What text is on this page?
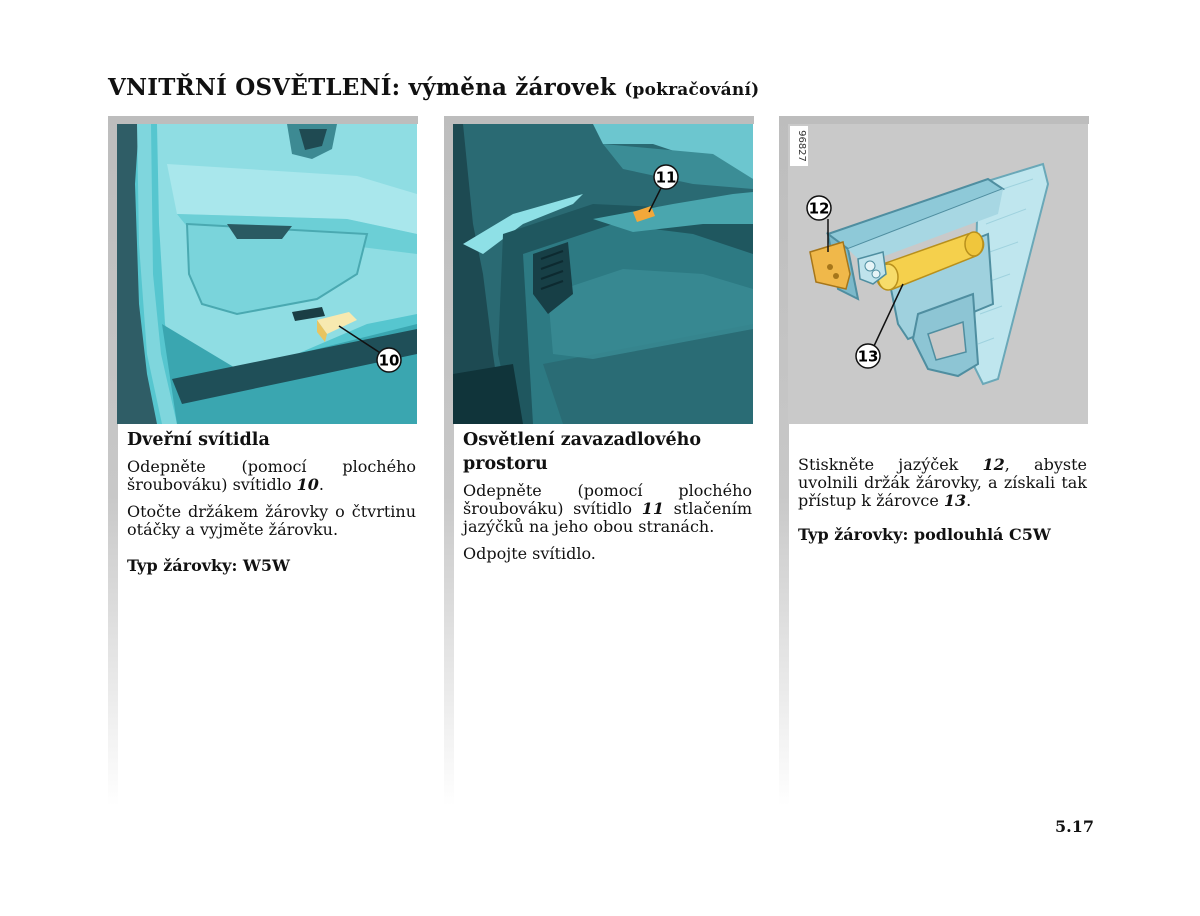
VNITŘNÍ OSVĚTLENÍ: výměna žárovek (pokračování)
10
Dveřní svítidla

Odepněte (pomocí plochého šroubováku) svítidlo 10.

Otočte držákem žárovky o čtvrtinu otáčky a vyjměte žárovku.

Typ žárovky: W5W

11
Osvětlení zavazadlového prostoru

Odepněte (pomocí plochého šroubováku) svítidlo 11 stlačením jazýčků na jeho obou stranách.

Odpojte svítidlo.

96827
12
13

Stiskněte jazýček 12, abyste uvolnili držák žárovky, a získali tak přístup k žárovce 13.

Typ žárovky: podlouhlá C5W

5.17
